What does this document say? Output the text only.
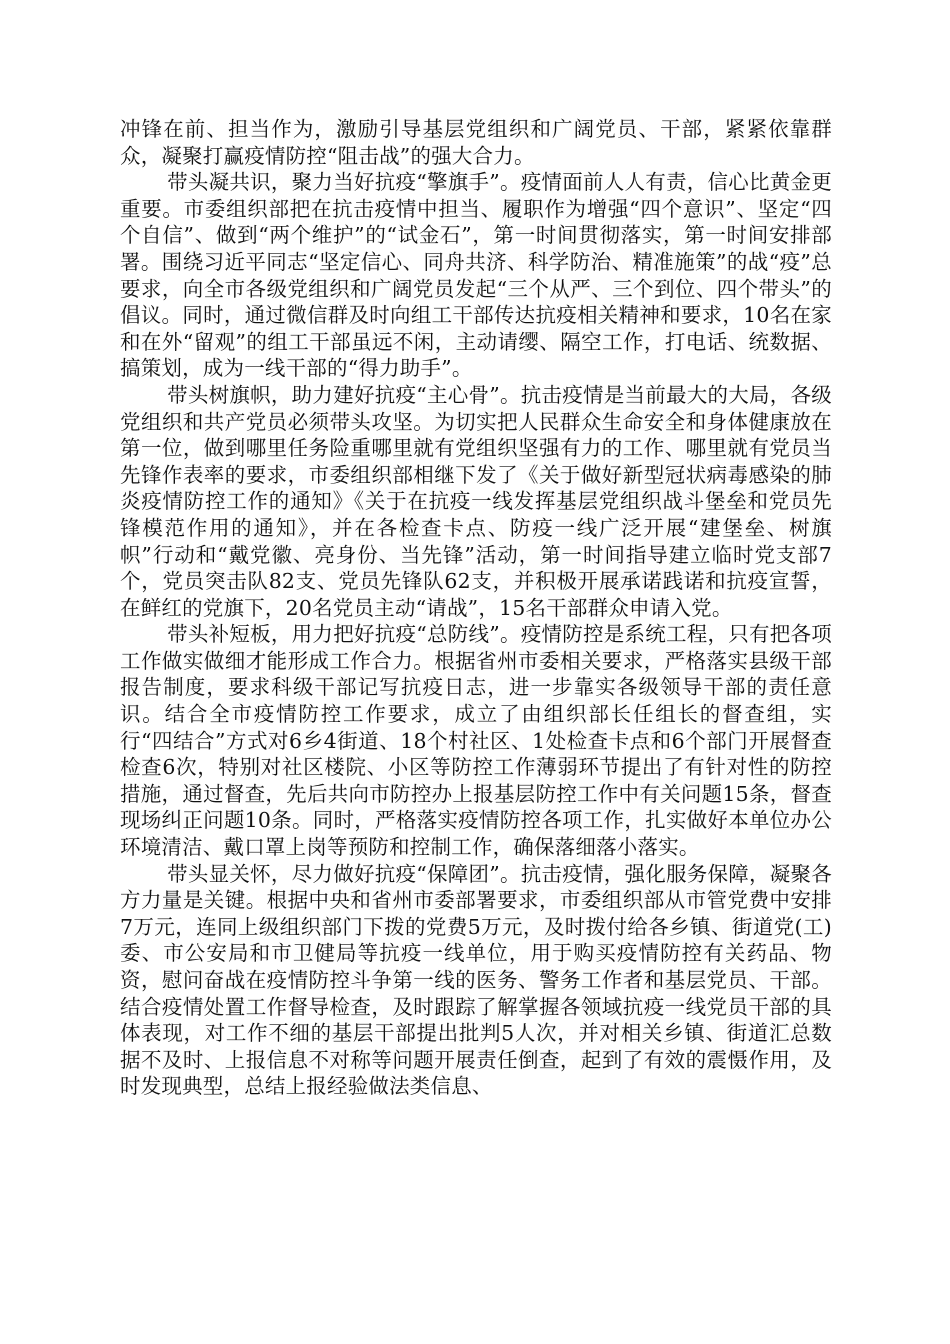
冲锋在前、担当作为，激励引导基层党组织和广阔党员、干部，紧紧依靠群众，凝聚打赢疫情防控“阻击战”的强大合力。

带头凝共识，聚力当好抗疫“擎旗手”。疫情面前人人有责，信心比黄金更重要。市委组织部把在抗击疫情中担当、履职作为增强“四个意识”、坚定“四个自信”、做到“两个维护”的“试金石”，第一时间贯彻落实，第一时间安排部署。围绕习近平同志“坚定信心、同舟共济、科学防治、精准施策”的战“疫”总要求，向全市各级党组织和广阔党员发起“三个从严、三个到位、四个带头”的倡议。同时，通过微信群及时向组工干部传达抗疫相关精神和要求，10名在家和在外“留观”的组工干部虽远不闲，主动请缨、隔空工作，打电话、统数据、搞策划，成为一线干部的“得力助手”。

带头树旗帜，助力建好抗疫“主心骨”。抗击疫情是当前最大的大局，各级党组织和共产党员必须带头攻坚。为切实把人民群众生命安全和身体健康放在第一位，做到哪里任务险重哪里就有党组织坚强有力的工作、哪里就有党员当先锋作表率的要求，市委组织部相继下发了《关于做好新型冠状病毒感染的肺炎疫情防控工作的通知》《关于在抗疫一线发挥基层党组织战斗堡垒和党员先锋模范作用的通知》，并在各检查卡点、防疫一线广泛开展“建堡垒、树旗帜”行动和“戴党徽、亮身份、当先锋”活动，第一时间指导建立临时党支部7个，党员突击队82支、党员先锋队62支，并积极开展承诺践诺和抗疫宣誓，在鲜红的党旗下，20名党员主动“请战”，15名干部群众申请入党。

带头补短板，用力把好抗疫“总防线”。疫情防控是系统工程，只有把各项工作做实做细才能形成工作合力。根据省州市委相关要求，严格落实县级干部报告制度，要求科级干部记写抗疫日志，进一步靠实各级领导干部的责任意识。结合全市疫情防控工作要求，成立了由组织部长任组长的督查组，实行“四结合”方式对6乡4街道、18个村社区、1处检查卡点和6个部门开展督查检查6次，特别对社区楼院、小区等防控工作薄弱环节提出了有针对性的防控措施，通过督查，先后共向市防控办上报基层防控工作中有关问题15条，督查现场纠正问题10条。同时，严格落实疫情防控各项工作，扎实做好本单位办公环境清洁、戴口罩上岗等预防和控制工作，确保落细落小落实。

带头显关怀，尽力做好抗疫“保障团”。抗击疫情，强化服务保障，凝聚各方力量是关键。根据中央和省州市委部署要求，市委组织部从市管党费中安排7万元，连同上级组织部门下拨的党费5万元，及时拨付给各乡镇、街道党(工)委、市公安局和市卫健局等抗疫一线单位，用于购买疫情防控有关药品、物资，慰问奋战在疫情防控斗争第一线的医务、警务工作者和基层党员、干部。结合疫情处置工作督导检查，及时跟踪了解掌握各领域抗疫一线党员干部的具体表现，对工作不细的基层干部提出批判5人次，并对相关乡镇、街道汇总数据不及时、上报信息不对称等问题开展责任倒查，起到了有效的震慑作用，及时发现典型，总结上报经验做法类信息、
